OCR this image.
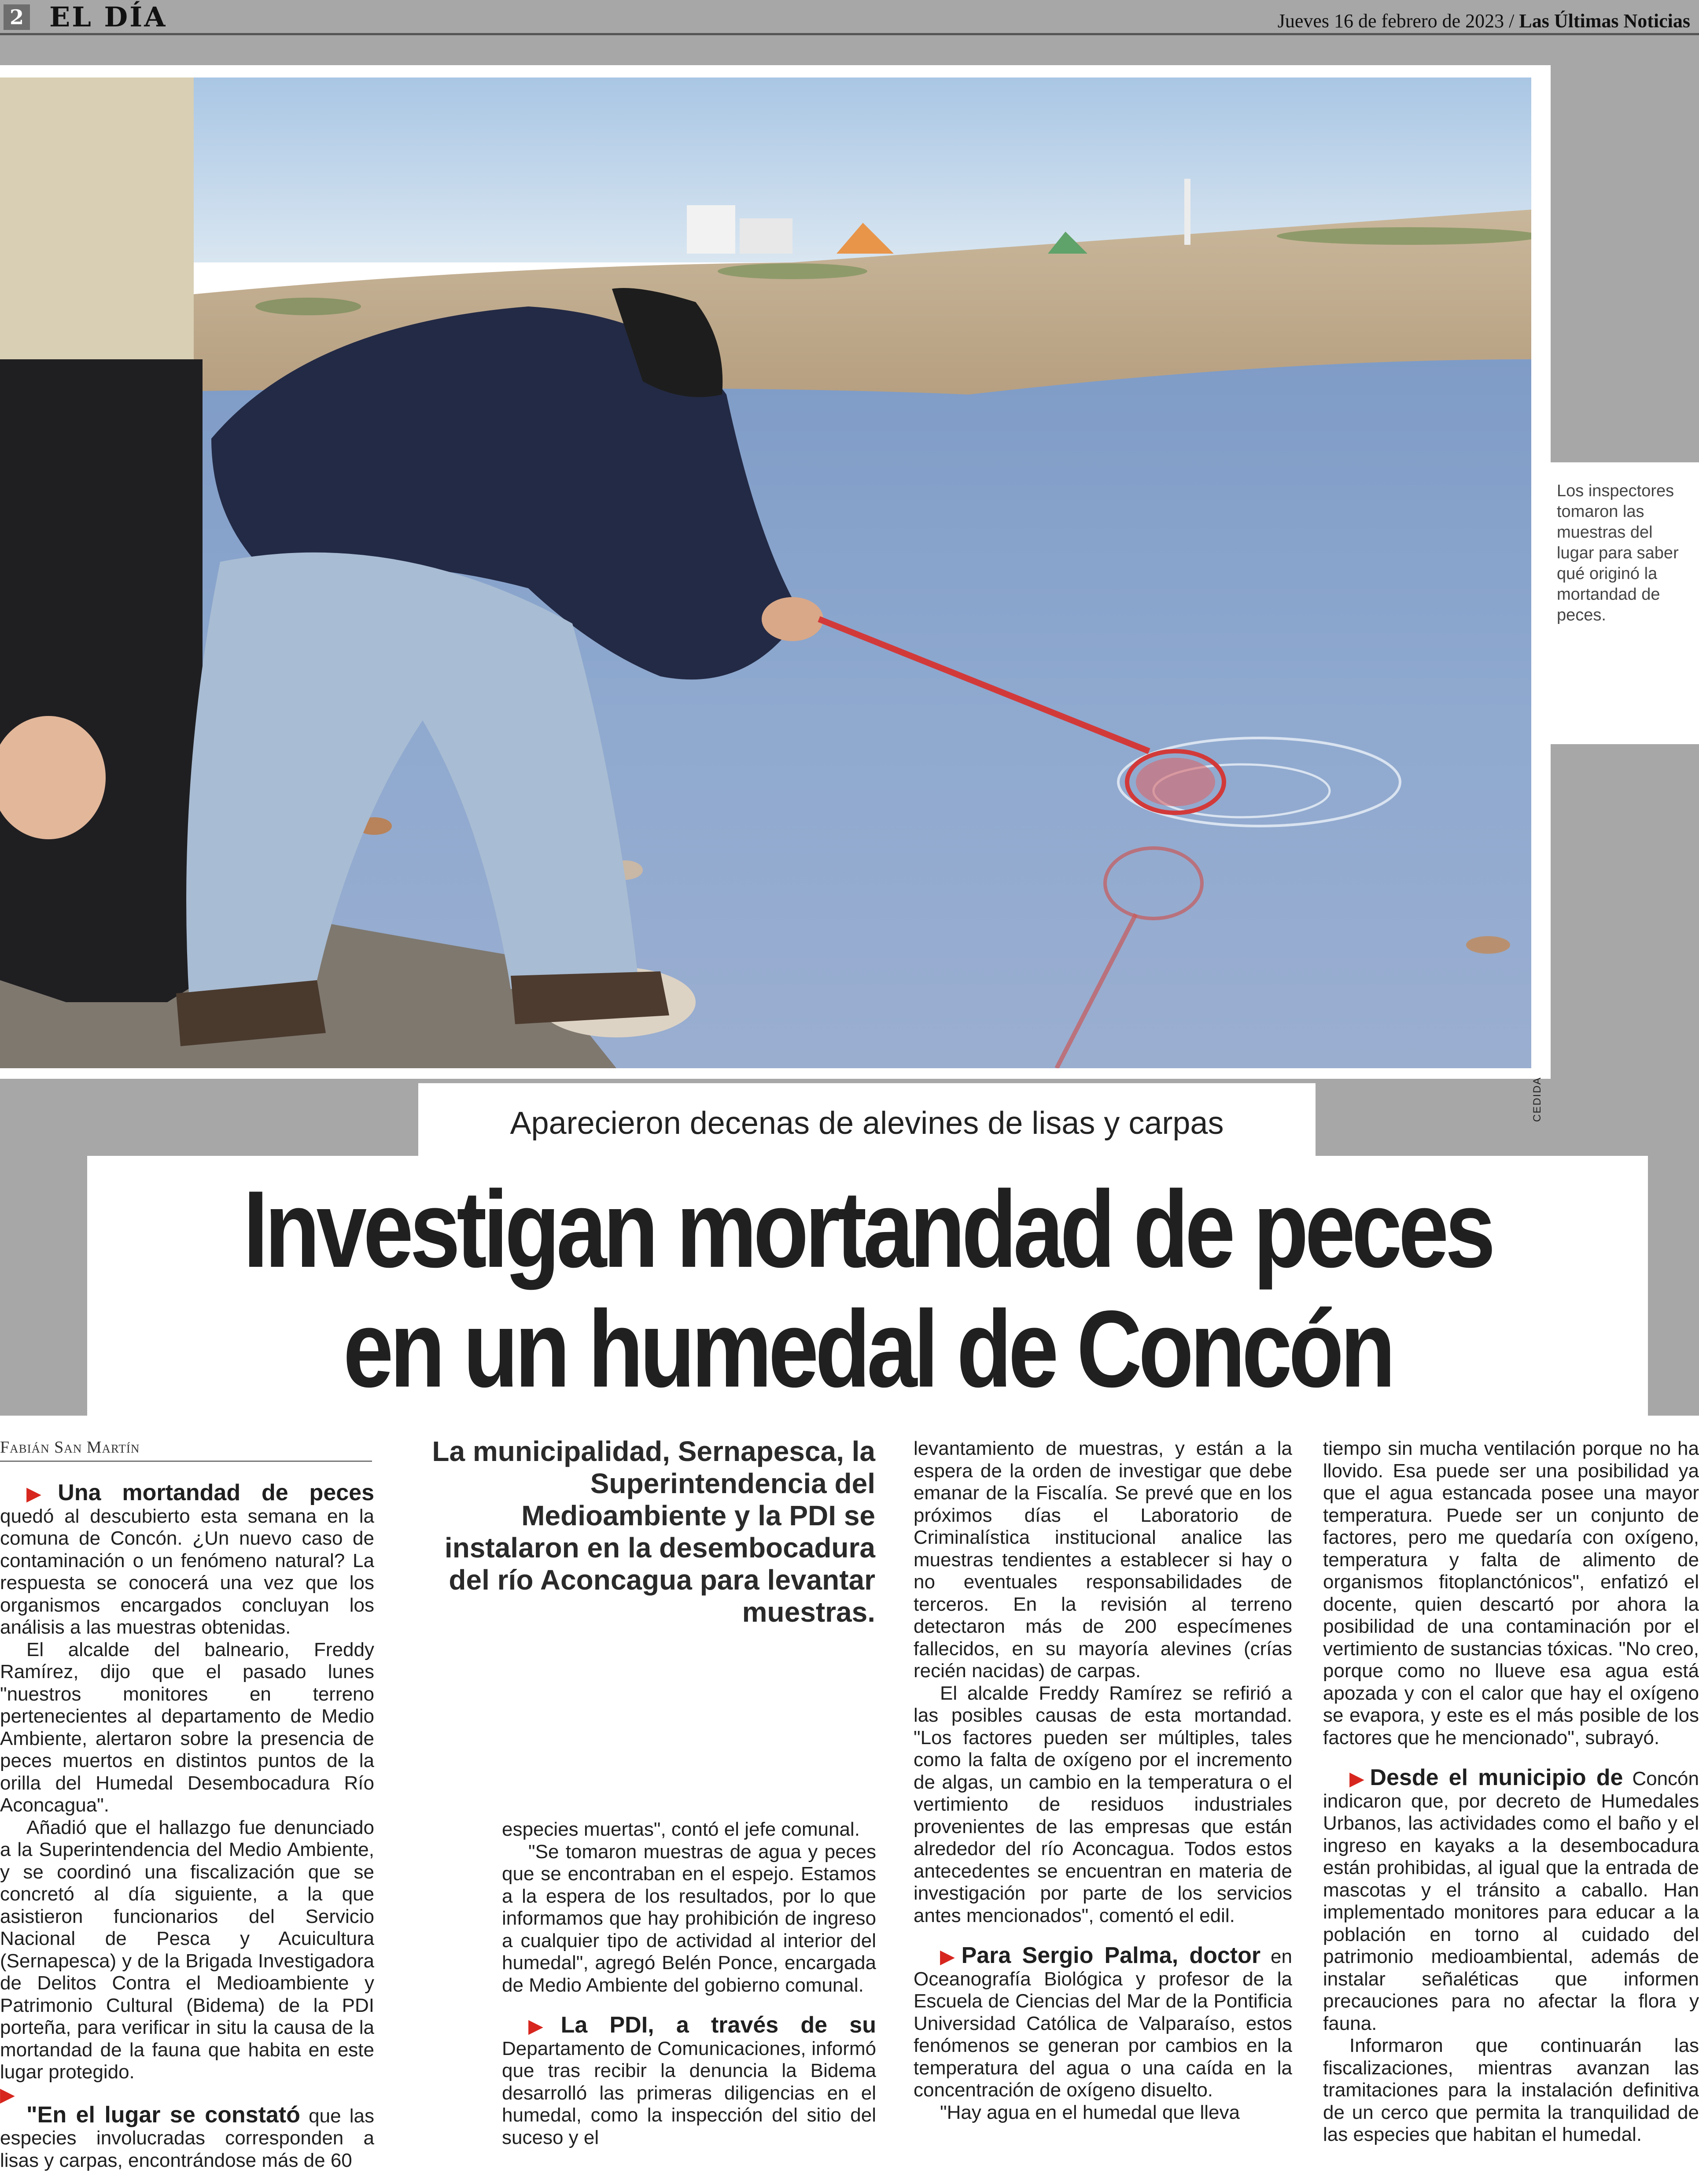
2 EL DÍA	Jueves 16 de febrero de 2023 / Las Últimas Noticias
CEDIDA

Los inspectores tomaron las muestras del lugar para saber qué originó la mortandad de peces.

Aparecieron decenas de alevines de lisas y carpas
Investigan mortandad de peces
en un humedal de Concón
Fabián San Martín

▶Una mortandad de peces quedó al descubierto esta semana en la comuna de Concón. ¿Un nuevo caso de contaminación o un fenómeno natural? La respuesta se conocerá una vez que los organismos encargados concluyan los análisis a las muestras obtenidas.

El alcalde del balneario, Freddy Ramírez, dijo que el pasado lunes "nuestros monitores en terreno pertenecientes al departamento de Medio Ambiente, alertaron sobre la presencia de peces muertos en distintos puntos de la orilla del Humedal Desembocadura Río Aconcagua".

Añadió que el hallazgo fue denunciado a la Superintendencia del Medio Ambiente, y se coordinó una fiscalización que se concretó al día siguiente, a la que asistieron funcionarios del Servicio Nacional de Pesca y Acuicultura (Sernapesca) y de la Brigada Investigadora de Delitos Contra el Medioambiente y Patrimonio Cultural (Bidema) de la PDI porteña, para verificar in situ la causa de la mortandad de la fauna que habita en este lugar protegido.

▶
"En el lugar se constató que las especies involucradas corresponden a lisas y carpas, encontrándose más de 60

La municipalidad, Sernapesca, la Superintendencia del Medioambiente y la PDI se instalaron en la desembocadura del río Aconcagua para levantar muestras.

especies muertas", contó el jefe comunal.

"Se tomaron muestras de agua y peces que se encontraban en el espejo. Estamos a la espera de los resultados, por lo que informamos que hay prohibición de ingreso a cualquier tipo de actividad al interior del humedal", agregó Belén Ponce, encargada de Medio Ambiente del gobierno comunal.

▶La PDI, a través de su Departamento de Comunicaciones, informó que tras recibir la denuncia la Bidema desarrolló las primeras diligencias en el humedal, como la inspección del sitio del suceso y el

levantamiento de muestras, y están a la espera de la orden de investigar que debe emanar de la Fiscalía. Se prevé que en los próximos días el Laboratorio de Criminalística institucional analice las muestras tendientes a establecer si hay o no eventuales responsabilidades de terceros. En la revisión al terreno detectaron más de 200 especímenes fallecidos, en su mayoría alevines (crías recién nacidas) de carpas.

El alcalde Freddy Ramírez se refirió a las posibles causas de esta mortandad. "Los factores pueden ser múltiples, tales como la falta de oxígeno por el incremento de algas, un cambio en la temperatura o el vertimiento de residuos industriales provenientes de las empresas que están alrededor del río Aconcagua. Todos estos antecedentes se encuentran en materia de investigación por parte de los servicios antes mencionados", comentó el edil.

▶Para Sergio Palma, doctor en Oceanografía Biológica y profesor de la Escuela de Ciencias del Mar de la Pontificia Universidad Católica de Valparaíso, estos fenómenos se generan por cambios en la temperatura del agua o una caída en la concentración de oxígeno disuelto.

"Hay agua en el humedal que lleva

tiempo sin mucha ventilación porque no ha llovido. Esa puede ser una posibilidad ya que el agua estancada posee una mayor temperatura. Puede ser un conjunto de factores, pero me quedaría con oxígeno, temperatura y falta de alimento de organismos fitoplanctónicos", enfatizó el docente, quien descartó por ahora la posibilidad de una contaminación por el vertimiento de sustancias tóxicas. "No creo, porque como no llueve esa agua está apozada y con el calor que hay el oxígeno se evapora, y este es el más posible de los factores que he mencionado", subrayó.

▶Desde el municipio de Concón indicaron que, por decreto de Humedales Urbanos, las actividades como el baño y el ingreso en kayaks a la desembocadura están prohibidas, al igual que la entrada de mascotas y el tránsito a caballo. Han implementado monitores para educar a la población en torno al cuidado del patrimonio medioambiental, además de instalar señaléticas que informen precauciones para no afectar la flora y fauna.

Informaron que continuarán las fiscalizaciones, mientras avanzan las tramitaciones para la instalación definitiva de un cerco que permita la tranquilidad de las especies que habitan el humedal.
